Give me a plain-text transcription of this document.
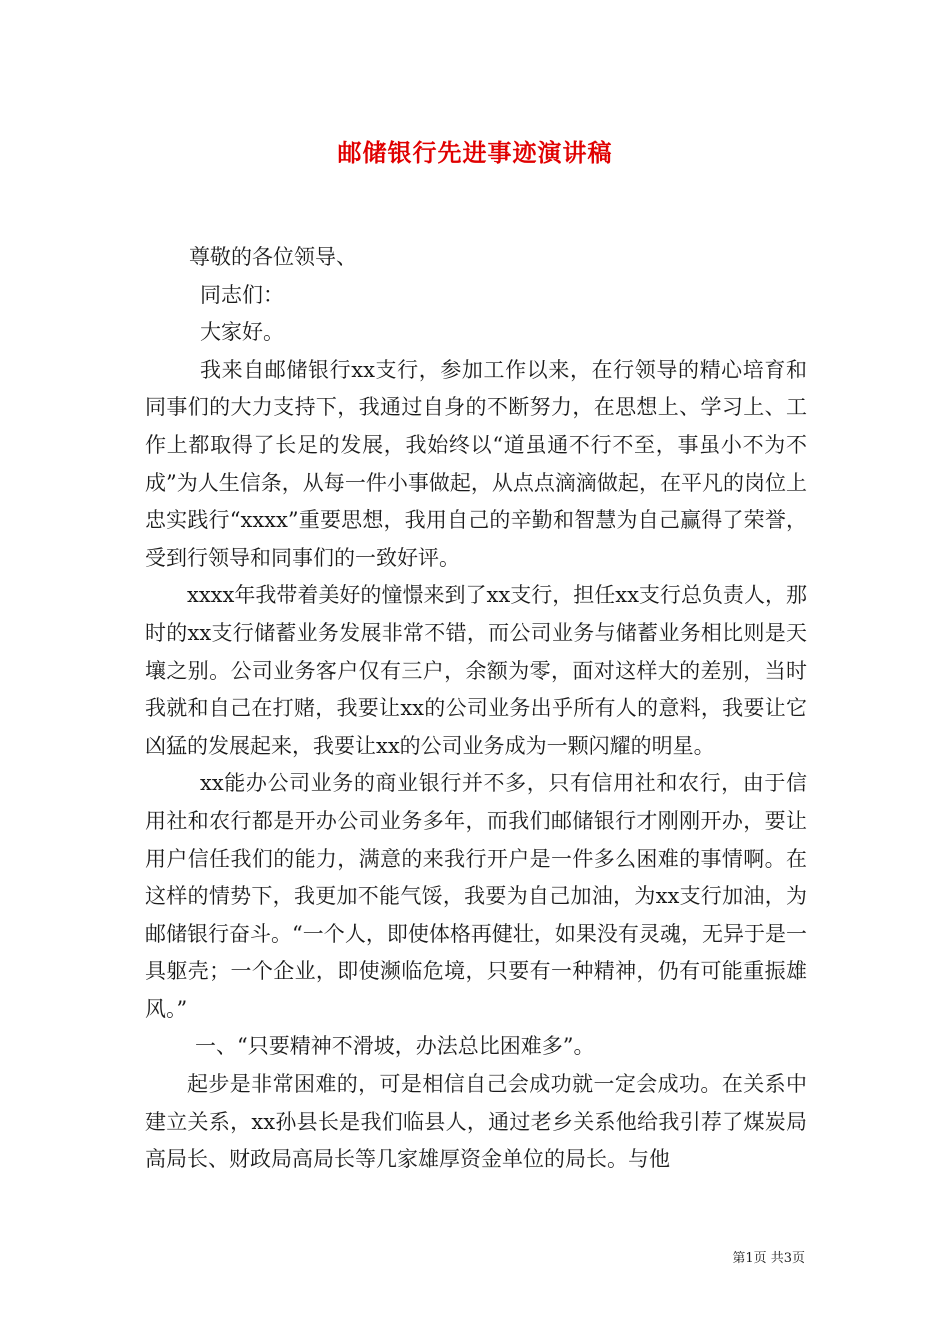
邮储银行先进事迹演讲稿

尊敬的各位领导、

同志们：

大家好。

我来自邮储银行xx支行，参加工作以来，在行领导的精心培育和同事们的大力支持下，我通过自身的不断努力，在思想上、学习上、工作上都取得了长足的发展，我始终以“道虽通不行不至，事虽小不为不成”为人生信条，从每一件小事做起，从点点滴滴做起，在平凡的岗位上忠实践行“xxxx”重要思想，我用自己的辛勤和智慧为自己赢得了荣誉，受到行领导和同事们的一致好评。

xxxx年我带着美好的憧憬来到了xx支行，担任xx支行总负责人，那时的xx支行储蓄业务发展非常不错，而公司业务与储蓄业务相比则是天壤之别。公司业务客户仅有三户，余额为零，面对这样大的差别，当时我就和自己在打赌，我要让xx的公司业务出乎所有人的意料，我要让它凶猛的发展起来，我要让xx的公司业务成为一颗闪耀的明星。

xx能办公司业务的商业银行并不多，只有信用社和农行，由于信用社和农行都是开办公司业务多年，而我们邮储银行才刚刚开办，要让用户信任我们的能力，满意的来我行开户是一件多么困难的事情啊。在这样的情势下，我更加不能气馁，我要为自己加油，为xx支行加油，为邮储银行奋斗。“一个人，即使体格再健壮，如果没有灵魂，无异于是一具躯壳；一个企业，即使濒临危境，只要有一种精神，仍有可能重振雄风。”

一、“只要精神不滑坡，办法总比困难多”。

起步是非常困难的，可是相信自己会成功就一定会成功。在关系中建立关系，xx孙县长是我们临县人，通过老乡关系他给我引荐了煤炭局高局长、财政局高局长等几家雄厚资金单位的局长。与他

第1页 共3页
